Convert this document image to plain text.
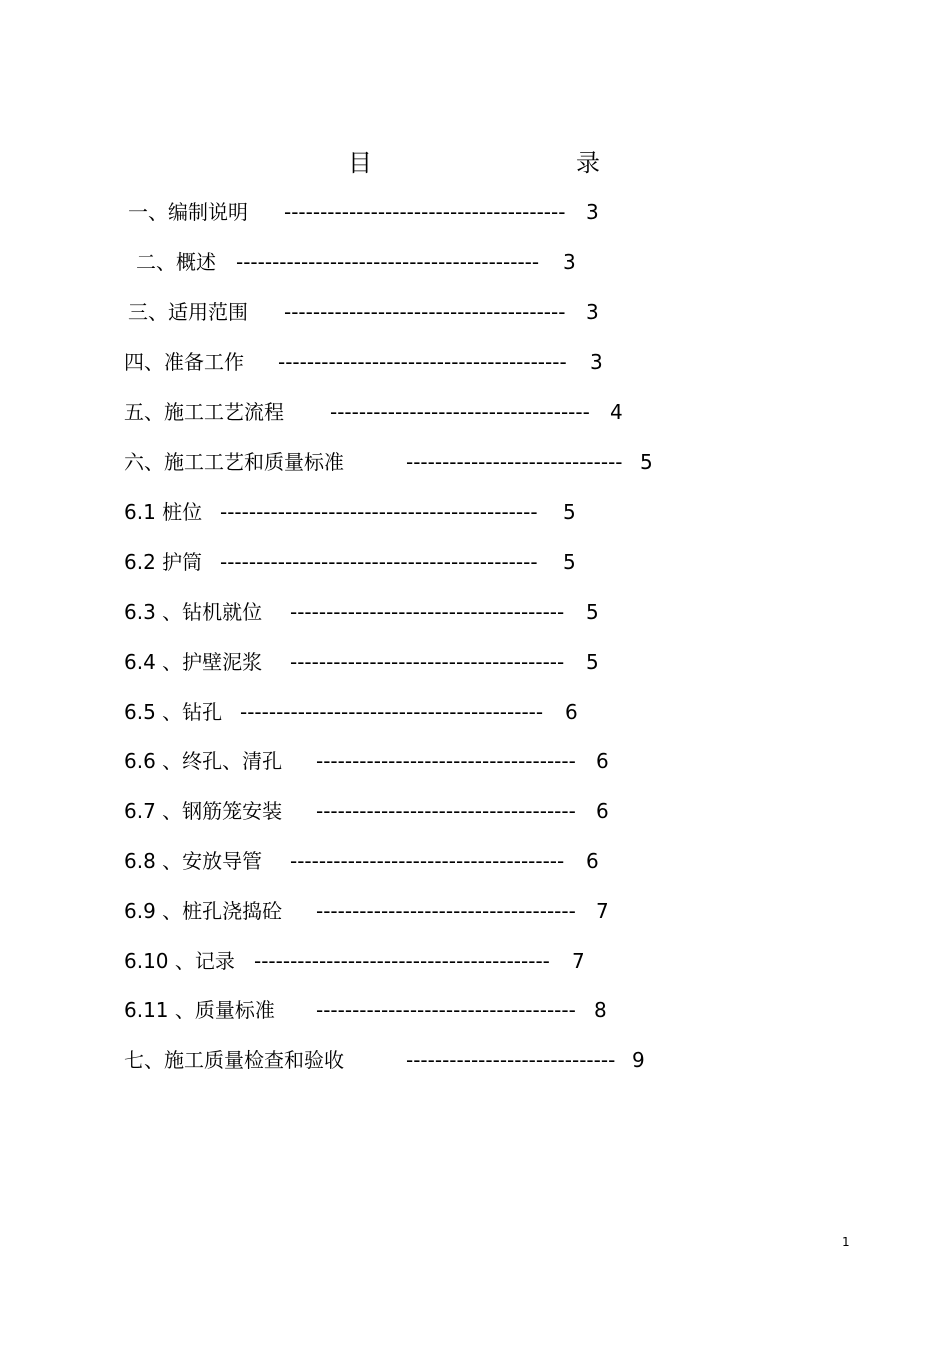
目	录
一、编制说明 --------------------------------------- 3
二、概述 ------------------------------------------ 3
三、适用范围 --------------------------------------- 3
四、准备工作 ---------------------------------------- 3
五、施工工艺流程 ------------------------------------ 4
六、施工工艺和质量标准	------------------------------ 5
6.1 桩位 -------------------------------------------- 5
6.2 护筒 -------------------------------------------- 5
6.3 、钻机就位 -------------------------------------- 5
6.4 、护壁泥浆 -------------------------------------- 5
6.5 、钻孔 ------------------------------------------ 6
6.6 、终孔、清孔 ------------------------------------ 6
6.7 、钢筋笼安装 ------------------------------------ 6
6.8 、安放导管 -------------------------------------- 6
6.9 、桩孔浇捣砼 ------------------------------------ 7
6.10 、记录 ----------------------------------------- 7
6.11 、质量标准 ------------------------------------ 8
七、施工质量检查和验收	----------------------------- 9
1
